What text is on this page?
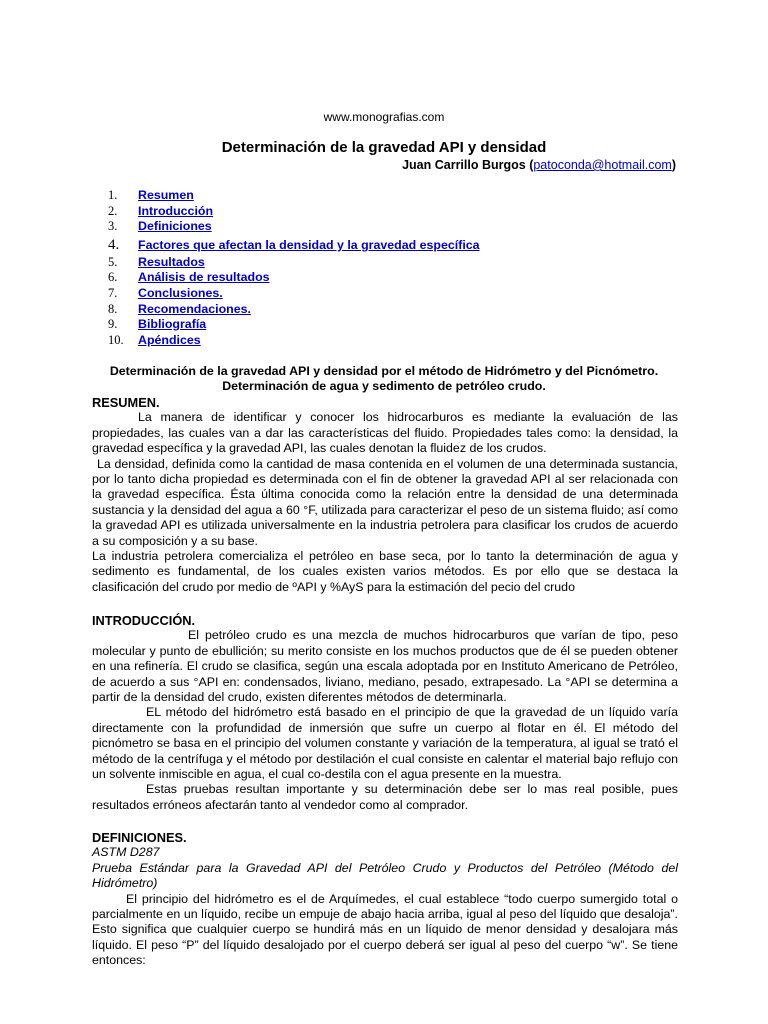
www.monografias.com
Determinación de la gravedad API y densidad
Juan Carrillo Burgos (patoconda@hotmail.com)
1. Resumen
2. Introducción
3. Definiciones
4. Factores que afectan la densidad y la gravedad específica
5. Resultados
6. Análisis de resultados
7. Conclusiones.
8. Recomendaciones.
9. Bibliografía
10. Apéndices
Determinación de la gravedad API y densidad por el método de Hidrómetro y del Picnómetro.
Determinación de agua y sedimento de petróleo crudo.
RESUMEN.

La manera de identificar y conocer los hidrocarburos es mediante la evaluación de las propiedades, las cuales van a dar las características del fluido. Propiedades tales como: la densidad, la gravedad específica y la gravedad API, las cuales denotan la fluidez de los crudos.

La densidad, definida como la cantidad de masa contenida en el volumen de una determinada sustancia, por lo tanto dicha propiedad es determinada con el fin de obtener la gravedad API al ser relacionada con la gravedad específica. Ésta última conocida como la relación entre la densidad de una determinada sustancia y la densidad del agua a 60 °F, utilizada para caracterizar el peso de un sistema fluido; así como la gravedad API es utilizada universalmente en la industria petrolera para clasificar los crudos de acuerdo a su composición y a su base.

La industria petrolera comercializa el petróleo en base seca, por lo tanto la determinación de agua y sedimento es fundamental, de los cuales existen varios métodos. Es por ello que se destaca la clasificación del crudo por medio de ºAPI y %AyS para la estimación del pecio del crudo

INTRODUCCIÓN.

El petróleo crudo es una mezcla de muchos hidrocarburos que varían de tipo, peso molecular y punto de ebullición; su merito consiste en los muchos productos que de él se pueden obtener en una refinería. El crudo se clasifica, según una escala adoptada por en Instituto Americano de Petróleo, de acuerdo a sus °API en: condensados, liviano, mediano, pesado, extrapesado. La °API se determina a partir de la densidad del crudo, existen diferentes métodos de determinarla.

EL método del hidrómetro está basado en el principio de que la gravedad de un líquido varía directamente con la profundidad de inmersión que sufre un cuerpo al flotar en él. El método del picnómetro se basa en el principio del volumen constante y variación de la temperatura, al igual se trató el método de la centrífuga y el método por destilación el cual consiste en calentar el material bajo reflujo con un solvente inmiscible en agua, el cual co-destila con el agua presente en la muestra.

Estas pruebas resultan importante y su determinación debe ser lo mas real posible, pues resultados erróneos afectarán tanto al vendedor como al comprador.

DEFINICIONES.

ASTM D287

Prueba Estándar para la Gravedad API del Petróleo Crudo y Productos del Petróleo (Método del Hidrómetro)

El principio del hidrómetro es el de Arquímedes, el cual establece “todo cuerpo sumergido total o parcialmente en un líquido, recibe un empuje de abajo hacia arriba, igual al peso del líquido que desaloja”. Esto significa que cualquier cuerpo se hundirá más en un líquido de menor densidad y desalojara más líquido. El peso “P” del líquido desalojado por el cuerpo deberá ser igual al peso del cuerpo “w”. Se tiene entonces:
